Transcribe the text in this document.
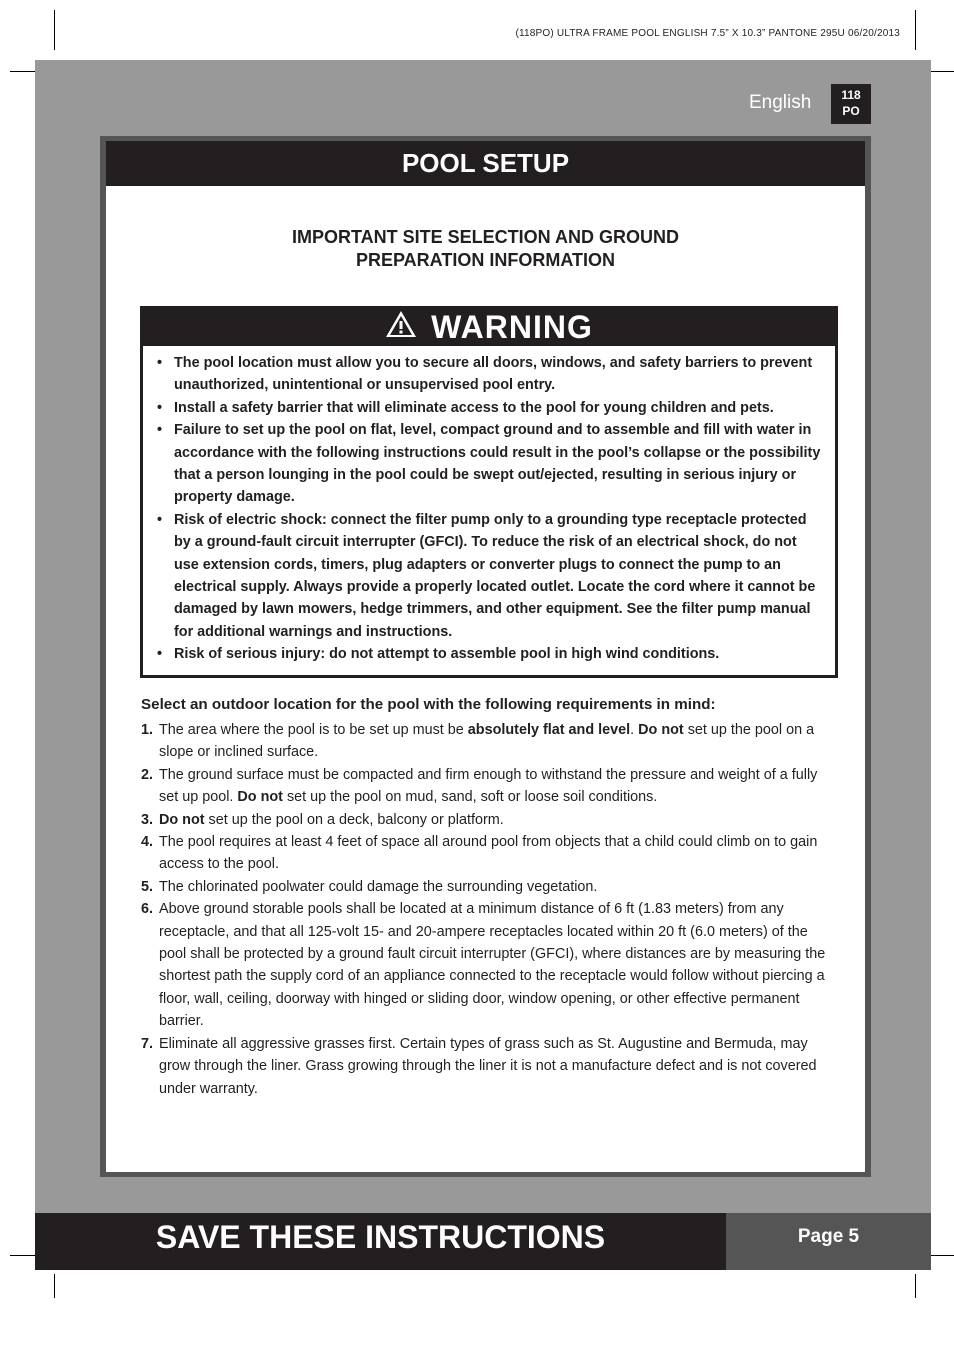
(118PO) ULTRA FRAME POOL ENGLISH 7.5” X 10.3” PANTONE 295U 06/20/2013
English	118
PO
POOL SETUP
IMPORTANT SITE SELECTION AND GROUND
PREPARATION INFORMATION
WARNING
• The pool location must allow you to secure all doors, windows, and safety barriers to prevent unauthorized, unintentional or unsupervised pool entry.
• Install a safety barrier that will eliminate access to the pool for young children and pets.
• Failure to set up the pool on flat, level, compact ground and to assemble and fill with water in accordance with the following instructions could result in the pool’s collapse or the possibility that a person lounging in the pool could be swept out/ejected, resulting in serious injury or property damage.
• Risk of electric shock: connect the filter pump only to a grounding type receptacle protected by a ground-fault circuit interrupter (GFCI). To reduce the risk of an electrical shock, do not use extension cords, timers, plug adapters or converter plugs to connect the pump to an electrical supply. Always provide a properly located outlet. Locate the cord where it cannot be damaged by lawn mowers, hedge trimmers, and other equipment. See the filter pump manual for additional warnings and instructions.
• Risk of serious injury: do not attempt to assemble pool in high wind conditions.
Select an outdoor location for the pool with the following requirements in mind:
1. The area where the pool is to be set up must be absolutely flat and level. Do not set up the pool on a slope or inclined surface.
2. The ground surface must be compacted and firm enough to withstand the pressure and weight of a fully set up pool. Do not set up the pool on mud, sand, soft or loose soil conditions.
3. Do not set up the pool on a deck, balcony or platform.
4. The pool requires at least 4 feet of space all around pool from objects that a child could climb on to gain access to the pool.
5. The chlorinated poolwater could damage the surrounding vegetation.
6. Above ground storable pools shall be located at a minimum distance of 6 ft (1.83 meters) from any receptacle, and that all 125-volt 15- and 20-ampere receptacles located within 20 ft (6.0 meters) of the pool shall be protected by a ground fault circuit interrupter (GFCI), where distances are by measuring the shortest path the supply cord of an appliance connected to the receptacle would follow without piercing a floor, wall, ceiling, doorway with hinged or sliding door, window opening, or other effective permanent barrier.
7. Eliminate all aggressive grasses first. Certain types of grass such as St. Augustine and Bermuda, may grow through the liner. Grass growing through the liner it is not a manufacture defect and is not covered under warranty.
SAVE THESE INSTRUCTIONS	Page 5
